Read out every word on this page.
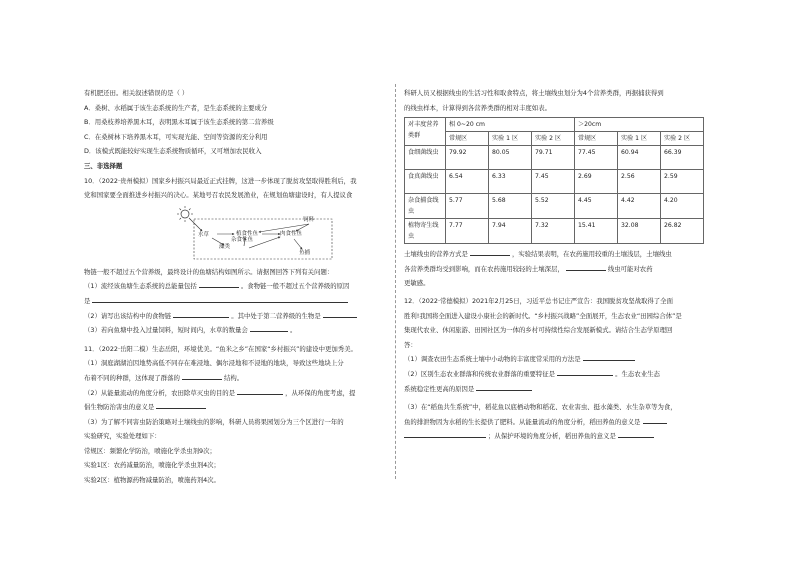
有机肥还田。相关叙述错误的是（ ）
A．桑树、水稻属于该生态系统的生产者，是生态系统的主要成分
B．用桑枝养培养黑木耳，表明黑木耳属于该生态系统的第二营养级
C．在桑树林下培养黑木耳，可实现光能、空间等资源的充分利用
D．该模式既能较好实现生态系统物质循环，又可增加农民收入
三、非选择题
10．（2022·贵州模拟）国家乡村振兴局最近正式挂牌，这进一步体现了脱贫攻坚取得胜利后，我
党和国家要全面推进乡村振兴的决心。某地号召农民发展渔业，在规划鱼塘建设时，有人提议食
饲料
水草	植食性鱼	肉食性鱼
藻类
杂食性鱼
鱼捕
物链一般不超过五个营养级，最终设计的鱼塘结构如图所示。请据图回答下列有关问题：
（1）流经该鱼塘生态系统的总能量包括	。食物链一般不超过五个营养级的原因
是
（2）请写出该结构中的食物链	。其中处于第二营养级的生物是
（3）若向鱼塘中投入过量饲料，短时间内，水草的数量会	。
11．（2022·岳阳二模）生态岳阳，环境优美。“鱼米之乡”在国家“乡村振兴”的建设中更加秀美。
（1）洞庭湖湖泊因地势高低不同存在难浸地、偶尔浸地和不浸地的地块，导致这些地块上分
布着不同的种群，这体现了群落的	结构。
（2）从能量流动的角度分析，农田除草灭虫的目的是	，从环保的角度考虑，提
倡生物防治害虫的意义是
（3）为了解不同害虫防治策略对土壤线虫的影响，科研人员将果园划分为三个区进行一年的
实验研究，实验处理如下：
常规区：频繁化学防治，喷施化学杀虫剂9次；
实验1区：农药减量防治，喷施化学杀虫剂4次；
实验2区：植物源药物减量防治，喷施药剂4次。
科研人员又根据线虫的生活习性和取食特点，将土壤线虫划分为4个营养类群，再据捕获得到
的线虫样本，计算得到各营养类群的相对丰度如表。
对丰度营养类群	相 0~20 cm			＞20cm		
	常规区	实验 1 区	实验 2 区	常规区	实验 1 区	实验 2 区
食细菌线虫	79.92	80.05	79.71	77.45	60.94	66.39
食真菌线虫	6.54	6.33	7.45	2.69	2.56	2.59
杂食捕食线虫	5.77	5.68	5.52	4.45	4.42	4.20
植物寄生线虫	7.77	7.94	7.32	15.41	32.08	26.82
土壤线虫的营养方式是	，实验结果表明，在农药施用较重的土壤浅层，土壤线虫
各营养类群均受到影响，而在农药施用较轻的土壤深层，	线虫可能对农药
更敏感。
12．（2022·常德模拟）2021年2月25日，习近平总书记庄严宣告：我国脱贫攻坚战取得了全面
胜利!我国将全面进入建设小康社会的新时代。“乡村振兴战略”全面展开，生态农业“田园综合体”是
集现代农业、休闲旅游、田园社区为一体的乡村可持续性综合发展新模式。请结合生态学原理回
答：
（1）调查农田生态系统土壤中小动物的丰富度常采用的方法是
（2）区别生态农业群落和传统农业群落的重要特征是	。生态农业生态
系统稳定性更高的原因是
（3）在“稻鱼共生系统”中，稻花鱼以底栖动物和稻花、农业害虫、挺水藻类、水生杂草等为食，
鱼的排泄物因为水稻的生长提供了肥料。从能量流动的角度分析，稻田养鱼的意义是
；从保护环境的角度分析，稻田养鱼的意义是
